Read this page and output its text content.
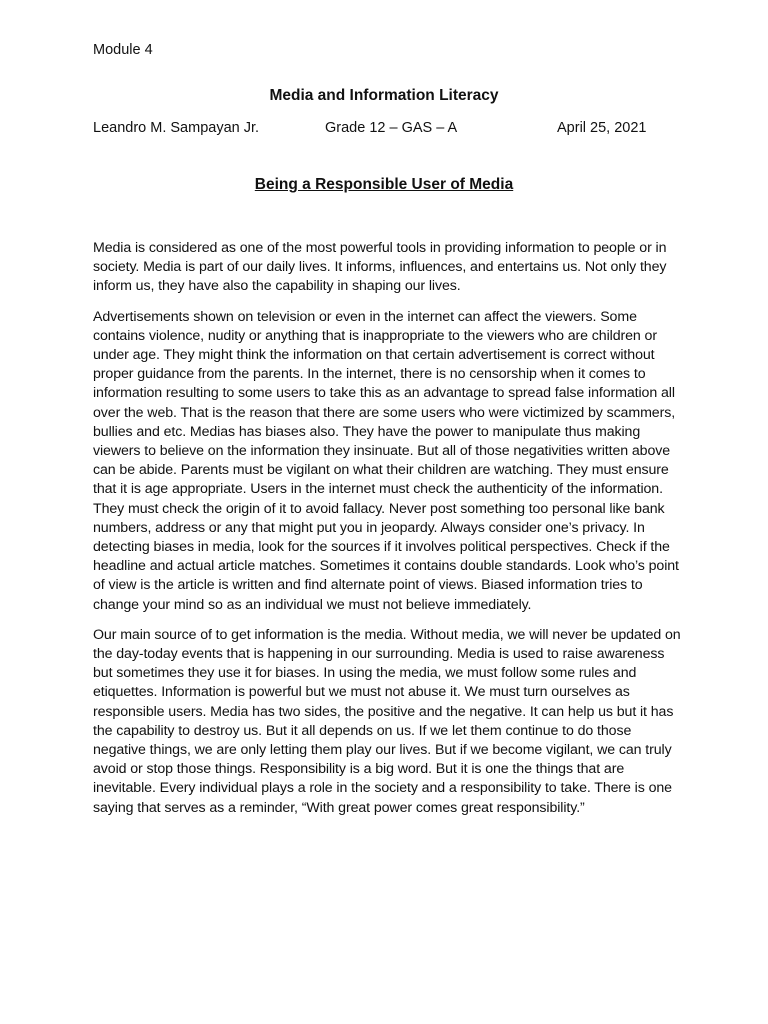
Module 4
Media and Information Literacy
Leandro M. Sampayan Jr.	Grade 12 – GAS – A	April 25, 2021
Being a Responsible User of Media

Media is considered as one of the most powerful tools in providing information to people or in society. Media is part of our daily lives. It informs, influences, and entertains us. Not only they inform us, they have also the capability in shaping our lives.

Advertisements shown on television or even in the internet can affect the viewers. Some contains violence, nudity or anything that is inappropriate to the viewers who are children or under age. They might think the information on that certain advertisement is correct without proper guidance from the parents. In the internet, there is no censorship when it comes to information resulting to some users to take this as an advantage to spread false information all over the web. That is the reason that there are some users who were victimized by scammers, bullies and etc. Medias has biases also. They have the power to manipulate thus making viewers to believe on the information they insinuate. But all of those negativities written above can be abide. Parents must be vigilant on what their children are watching. They must ensure that it is age appropriate. Users in the internet must check the authenticity of the information. They must check the origin of it to avoid fallacy. Never post something too personal like bank numbers, address or any that might put you in jeopardy. Always consider one’s privacy. In detecting biases in media, look for the sources if it involves political perspectives. Check if the headline and actual article matches. Sometimes it contains double standards. Look who’s point of view is the article is written and find alternate point of views. Biased information tries to change your mind so as an individual we must not believe immediately.

Our main source of to get information is the media. Without media, we will never be updated on the day-today events that is happening in our surrounding. Media is used to raise awareness but sometimes they use it for biases. In using the media, we must follow some rules and etiquettes. Information is powerful but we must not abuse it. We must turn ourselves as responsible users. Media has two sides, the positive and the negative. It can help us but it has the capability to destroy us. But it all depends on us. If we let them continue to do those negative things, we are only letting them play our lives. But if we become vigilant, we can truly avoid or stop those things. Responsibility is a big word. But it is one the things that are inevitable. Every individual plays a role in the society and a responsibility to take. There is one saying that serves as a reminder, “With great power comes great responsibility.”
